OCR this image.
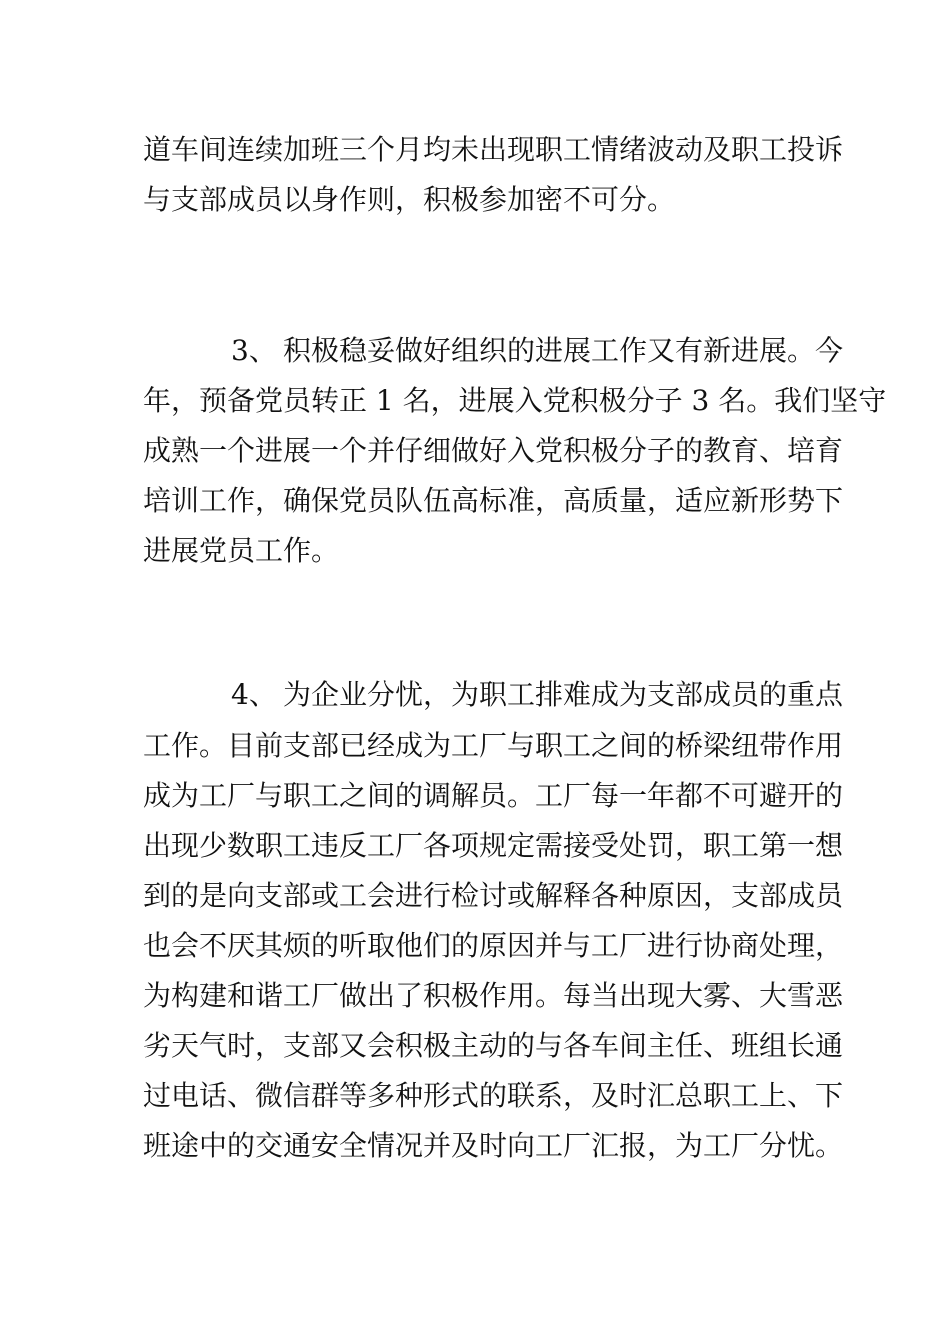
道车间连续加班三个月均未出现职工情绪波动及职工投诉
与支部成员以身作则，积极参加密不可分。
3、 积极稳妥做好组织的进展工作又有新进展。今
年，预备党员转正 1 名，进展入党积极分子 3 名。我们坚守
成熟一个进展一个并仔细做好入党积极分子的教育、培育
培训工作，确保党员队伍高标准，高质量，适应新形势下
进展党员工作。
4、 为企业分忧，为职工排难成为支部成员的重点
工作。目前支部已经成为工厂与职工之间的桥梁纽带作用
成为工厂与职工之间的调解员。工厂每一年都不可避开的
出现少数职工违反工厂各项规定需接受处罚，职工第一想
到的是向支部或工会进行检讨或解释各种原因，支部成员
也会不厌其烦的听取他们的原因并与工厂进行协商处理，
为构建和谐工厂做出了积极作用。每当出现大雾、大雪恶
劣天气时，支部又会积极主动的与各车间主任、班组长通
过电话、微信群等多种形式的联系，及时汇总职工上、下
班途中的交通安全情况并及时向工厂汇报，为工厂分忧。
